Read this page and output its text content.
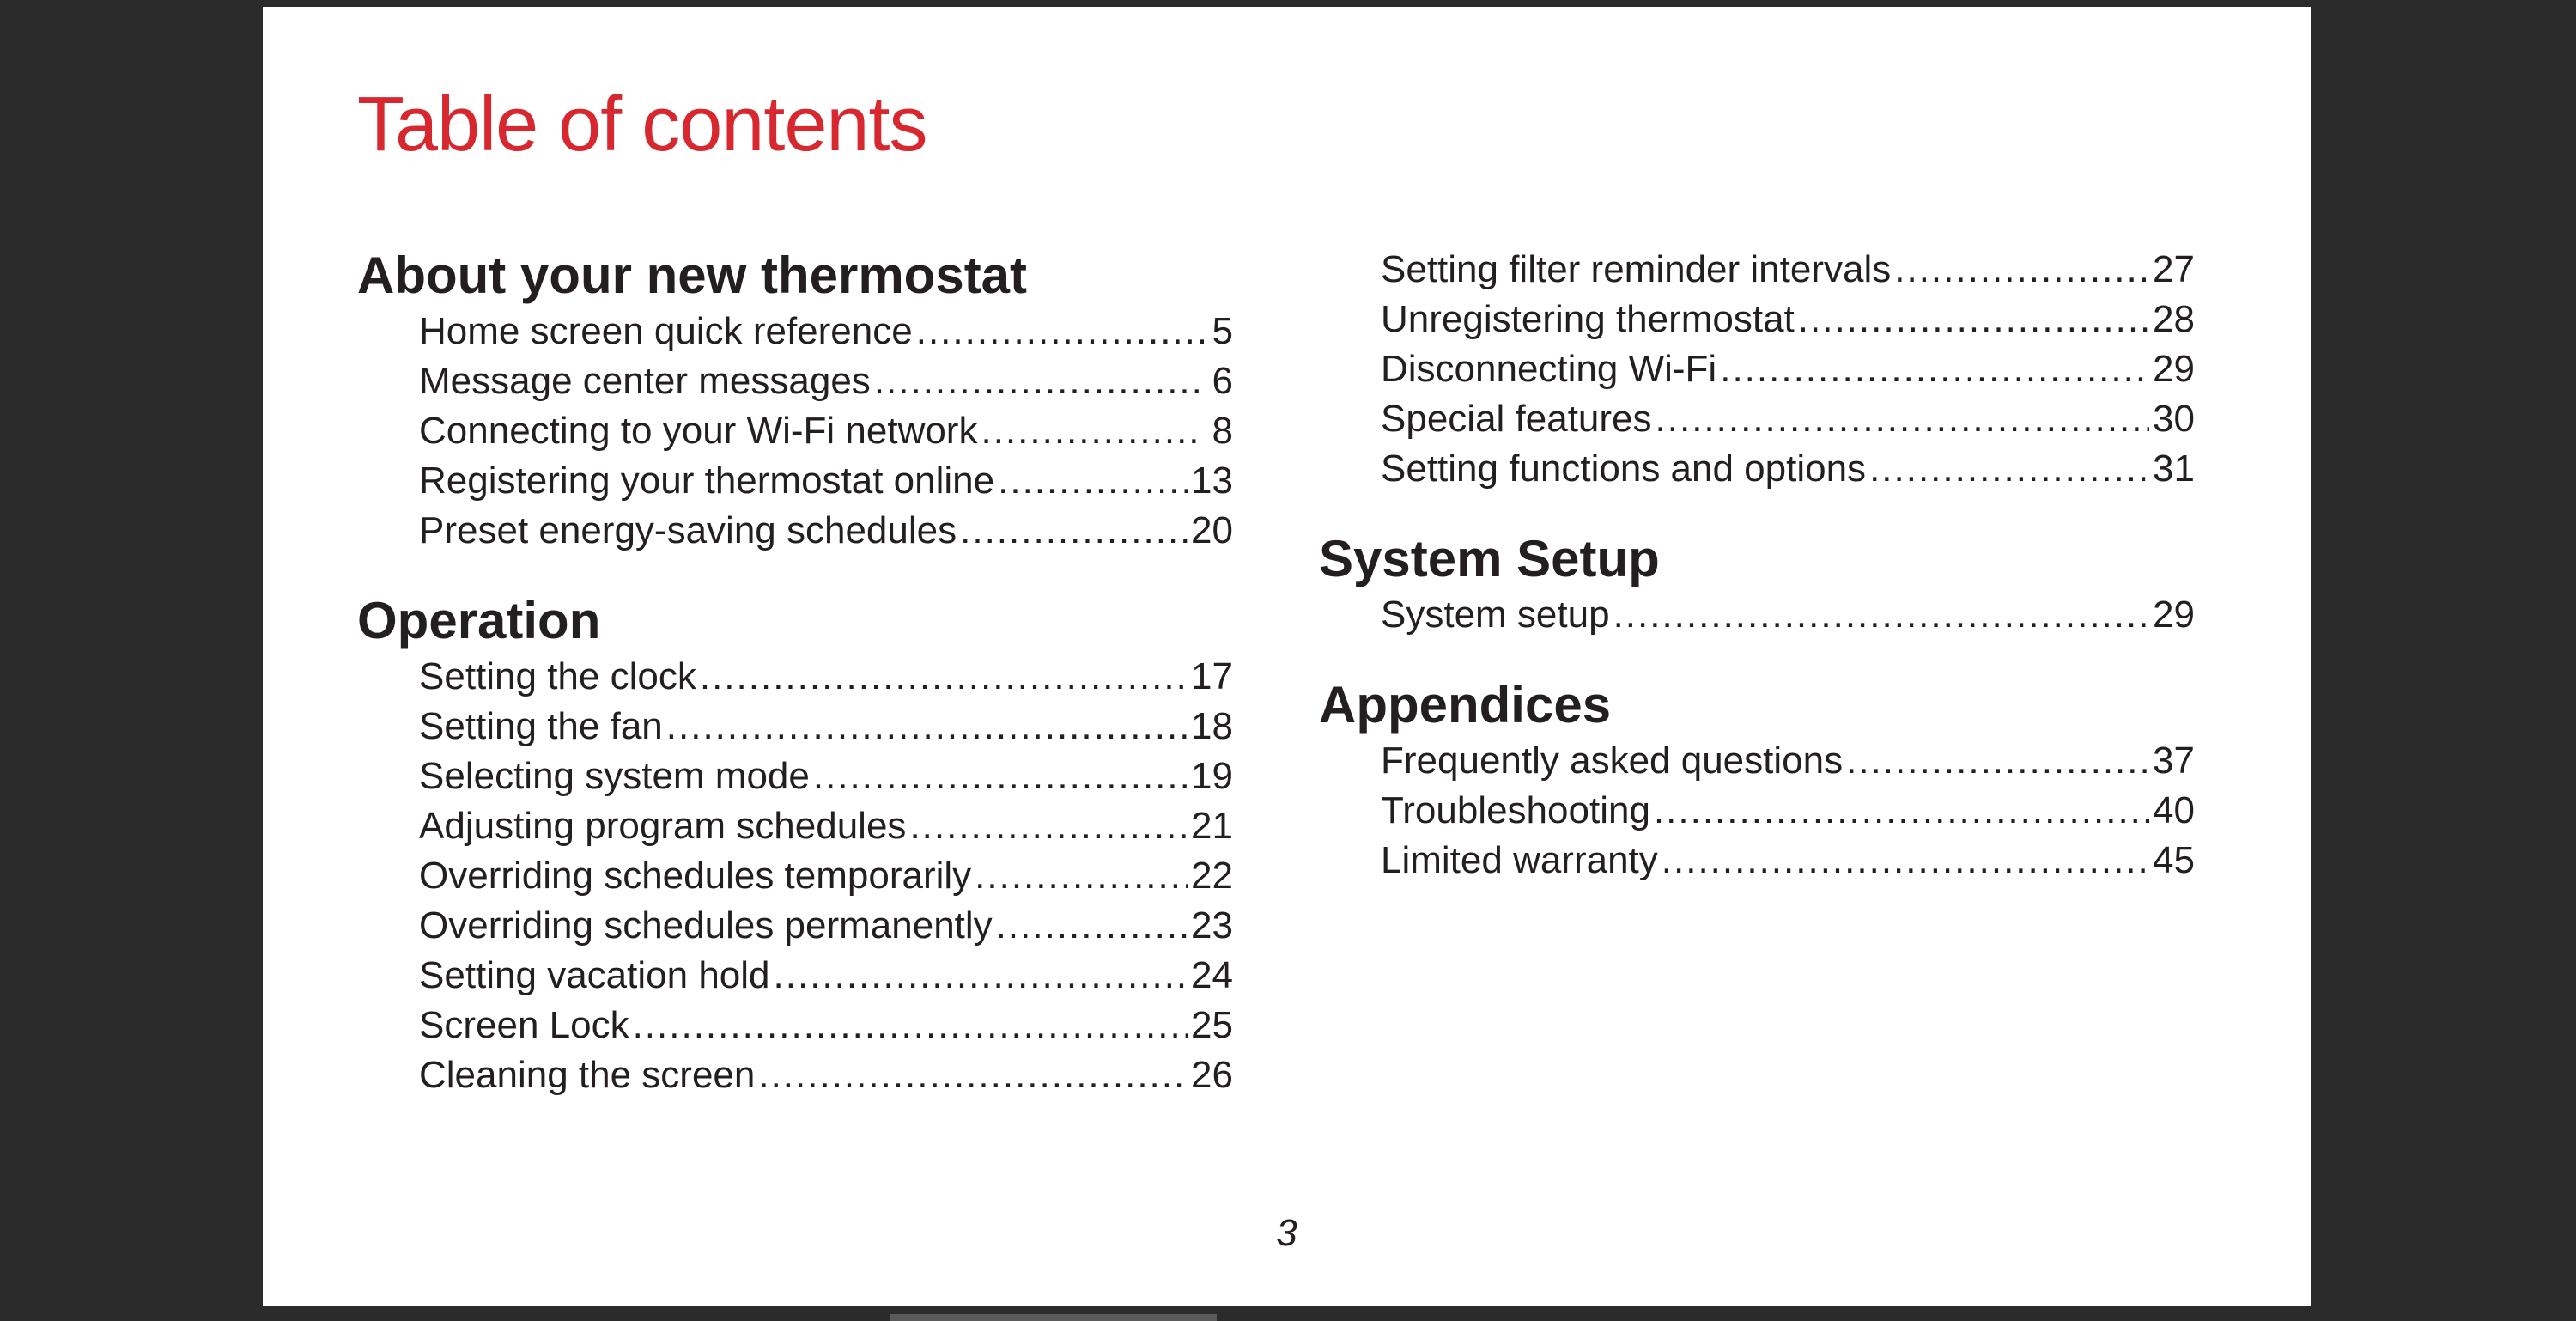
Table of contents
About your new thermostat
Home screen quick reference .....	5
Message center messages .....	6
Connecting to your Wi-Fi network .....	8
Registering your thermostat online .....	13
Preset energy-saving schedules .....	20
Operation
Setting the clock .....	17
Setting the fan .....	18
Selecting system mode .....	19
Adjusting program schedules .....	21
Overriding schedules temporarily .....	22
Overriding schedules permanently .....	23
Setting vacation hold .....	24
Screen Lock .....	25
Cleaning the screen .....	26
Setting filter reminder intervals .....	27
Unregistering thermostat .....	28
Disconnecting Wi-Fi .....	29
Special features .....	30
Setting functions and options .....	31
System Setup
System setup .....	29
Appendices
Frequently asked questions .....	37
Troubleshooting .....	40
Limited warranty .....	45
3
